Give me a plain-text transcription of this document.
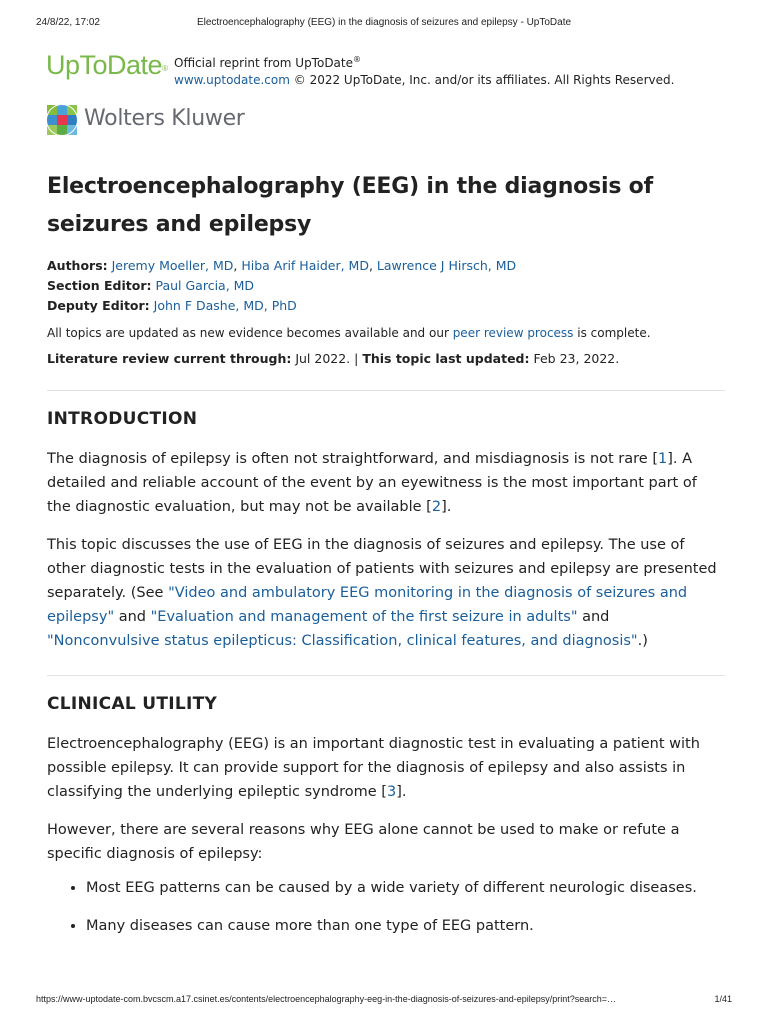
24/8/22, 17:02	Electroencephalography (EEG) in the diagnosis of seizures and epilepsy - UpToDate
UpToDate® Official reprint from UpToDate®
www.uptodate.com © 2022 UpToDate, Inc. and/or its affiliates. All Rights Reserved.
Wolters Kluwer
Electroencephalography (EEG) in the diagnosis of seizures and epilepsy
Authors: Jeremy Moeller, MD, Hiba Arif Haider, MD, Lawrence J Hirsch, MD
Section Editor: Paul Garcia, MD
Deputy Editor: John F Dashe, MD, PhD
All topics are updated as new evidence becomes available and our peer review process is complete.
Literature review current through: Jul 2022. | This topic last updated: Feb 23, 2022.
INTRODUCTION

The diagnosis of epilepsy is often not straightforward, and misdiagnosis is not rare [1]. A detailed and reliable account of the event by an eyewitness is the most important part of the diagnostic evaluation, but may not be available [2].

This topic discusses the use of EEG in the diagnosis of seizures and epilepsy. The use of other diagnostic tests in the evaluation of patients with seizures and epilepsy are presented separately. (See "Video and ambulatory EEG monitoring in the diagnosis of seizures and epilepsy" and "Evaluation and management of the first seizure in adults" and "Nonconvulsive status epilepticus: Classification, clinical features, and diagnosis".)

CLINICAL UTILITY

Electroencephalography (EEG) is an important diagnostic test in evaluating a patient with possible epilepsy. It can provide support for the diagnosis of epilepsy and also assists in classifying the underlying epileptic syndrome [3].

However, there are several reasons why EEG alone cannot be used to make or refute a specific diagnosis of epilepsy:

• Most EEG patterns can be caused by a wide variety of different neurologic diseases.
• Many diseases can cause more than one type of EEG pattern.
https://www-uptodate-com.bvcscm.a17.csinet.es/contents/electroencephalography-eeg-in-the-diagnosis-of-seizures-and-epilepsy/print?search=…	1/41
